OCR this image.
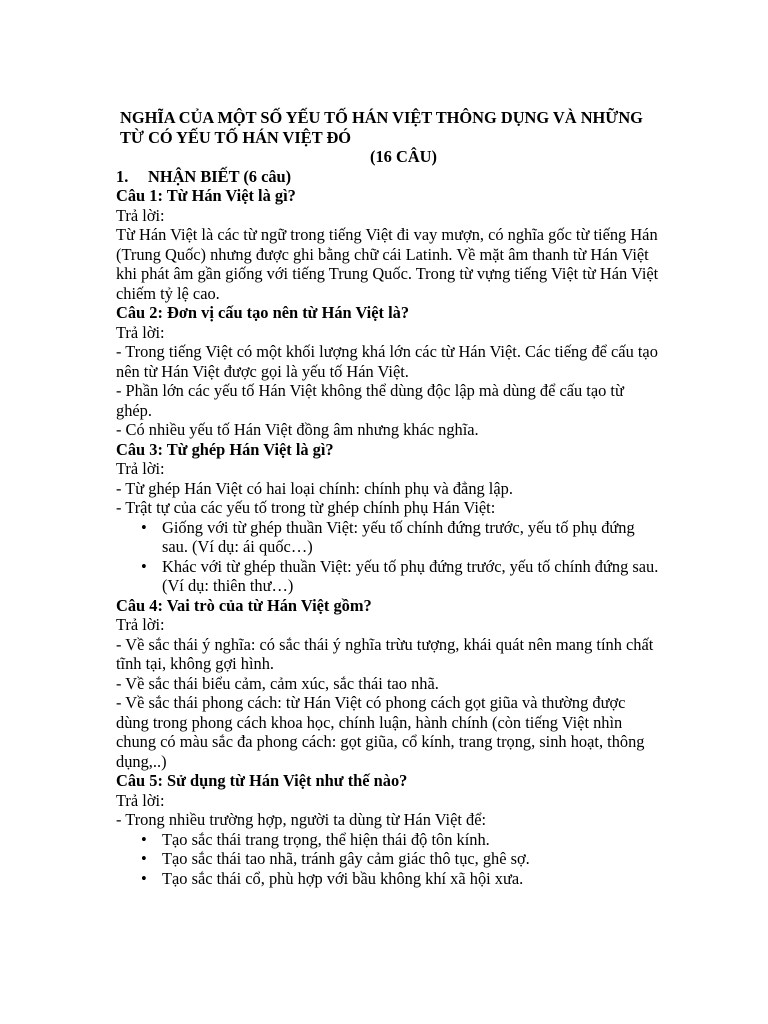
NGHĨA CỦA MỘT SỐ YẾU TỐ HÁN VIỆT THÔNG DỤNG VÀ NHỮNG TỪ CÓ YẾU TỐ HÁN VIỆT ĐÓ

(16 CÂU)

1.	NHẬN BIẾT (6 câu)

Câu 1: Từ Hán Việt là gì?

Trả lời:

Từ Hán Việt là các từ ngữ trong tiếng Việt đi vay mượn, có nghĩa gốc từ tiếng Hán (Trung Quốc) nhưng được ghi bằng chữ cái Latinh. Về mặt âm thanh từ Hán Việt khi phát âm gần giống với tiếng Trung Quốc. Trong từ vựng tiếng Việt từ Hán Việt chiếm tỷ lệ cao.

Câu 2: Đơn vị cấu tạo nên từ Hán Việt là?

Trả lời:

- Trong tiếng Việt có một khối lượng khá lớn các từ Hán Việt. Các tiếng để cấu tạo nên từ Hán Việt được gọi là yếu tố Hán Việt.

- Phần lớn các yếu tố Hán Việt không thể dùng độc lập mà dùng để cấu tạo từ ghép.

- Có nhiều yếu tố Hán Việt đồng âm nhưng khác nghĩa.

Câu 3: Từ ghép Hán Việt là gì?

Trả lời:

- Từ ghép Hán Việt có hai loại chính: chính phụ và đẳng lập.

- Trật tự của các yếu tố trong từ ghép chính phụ Hán Việt:

• Giống với từ ghép thuần Việt: yếu tố chính đứng trước, yếu tố phụ đứng sau. (Ví dụ: ái quốc…)
• Khác với từ ghép thuần Việt: yếu tố phụ đứng trước, yếu tố chính đứng sau. (Ví dụ: thiên thư…)

Câu 4: Vai trò của từ Hán Việt gồm?

Trả lời:

- Về sắc thái ý nghĩa: có sắc thái ý nghĩa trừu tượng, khái quát nên mang tính chất tĩnh tại, không gợi hình.

- Về sắc thái biểu cảm, cảm xúc, sắc thái tao nhã.

- Về sắc thái phong cách: từ Hán Việt có phong cách gọt giũa và thường được dùng trong phong cách khoa học, chính luận, hành chính (còn tiếng Việt nhìn chung có màu sắc đa phong cách: gọt giũa, cổ kính, trang trọng, sinh hoạt, thông dụng,..)

Câu 5: Sử dụng từ Hán Việt như thế nào?

Trả lời:

- Trong nhiều trường hợp, người ta dùng từ Hán Việt để:

• Tạo sắc thái trang trọng, thể hiện thái độ tôn kính.
• Tạo sắc thái tao nhã, tránh gây cảm giác thô tục, ghê sợ.
• Tạo sắc thái cổ, phù hợp với bầu không khí xã hội xưa.
